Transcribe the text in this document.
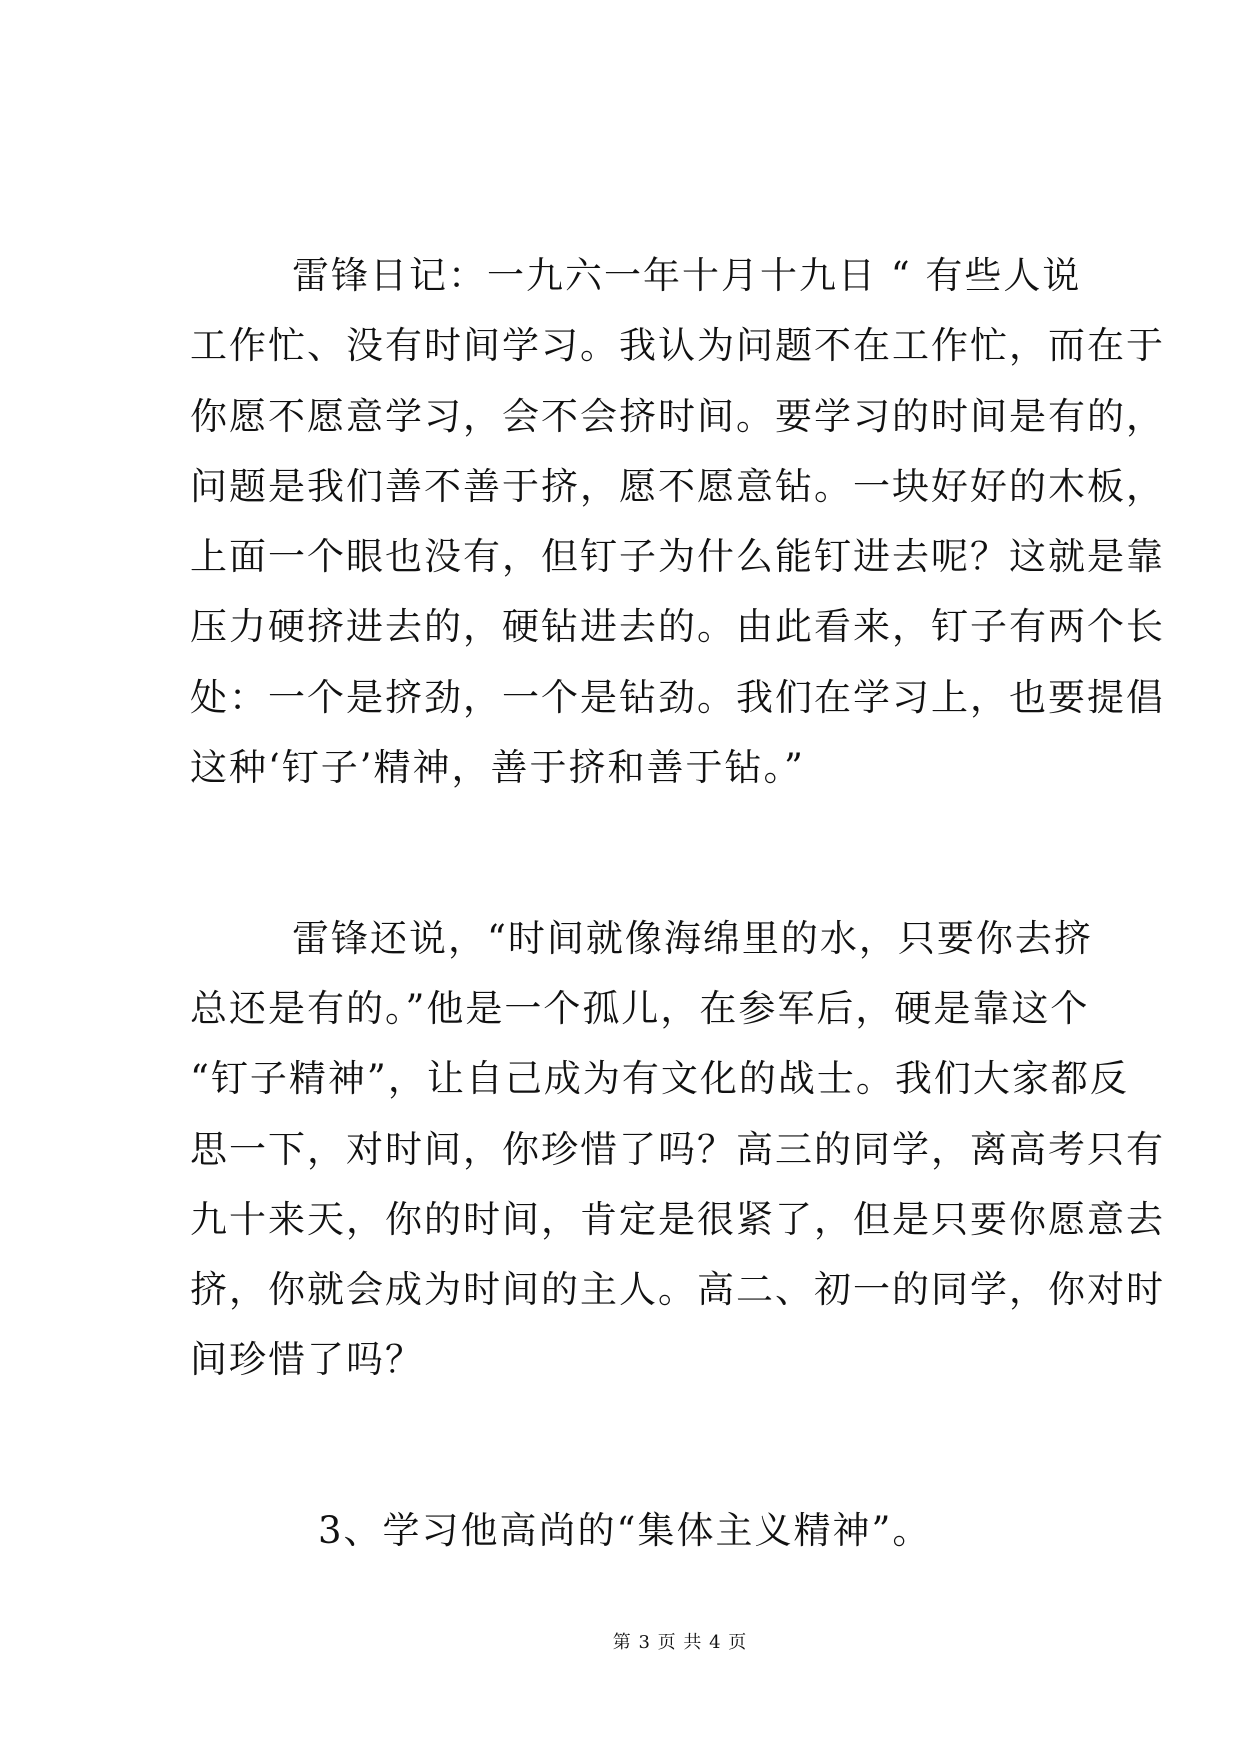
雷锋日记：一九六一年十月十九日 “ 有些人说
工作忙、没有时间学习。我认为问题不在工作忙，而在于
你愿不愿意学习，会不会挤时间。要学习的时间是有的，
问题是我们善不善于挤，愿不愿意钻。一块好好的木板，
上面一个眼也没有，但钉子为什么能钉进去呢？这就是靠
压力硬挤进去的，硬钻进去的。由此看来，钉子有两个长
处：一个是挤劲，一个是钻劲。我们在学习上，也要提倡
这种‘钉子’精神，善于挤和善于钻。”
雷锋还说，“时间就像海绵里的水，只要你去挤
总还是有的。”他是一个孤儿，在参军后，硬是靠这个
“钉子精神”，让自己成为有文化的战士。我们大家都反
思一下，对时间，你珍惜了吗？高三的同学，离高考只有
九十来天，你的时间，肯定是很紧了，但是只要你愿意去
挤，你就会成为时间的主人。高二、初一的同学，你对时
间珍惜了吗？
3、学习他高尚的“集体主义精神”。
第 3 页 共 4 页
